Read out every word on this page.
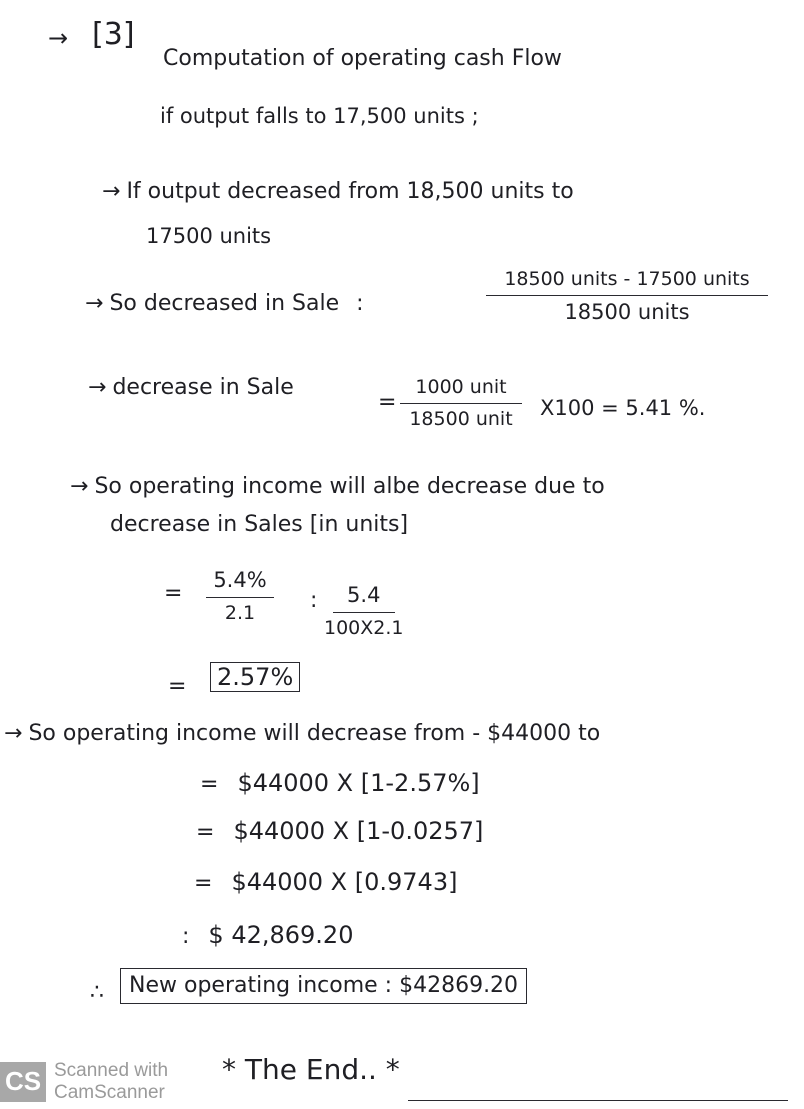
→ [3]
Computation of operating cash Flow
if output falls to 17,500 units ;
→ If output decreased from 18,500 units to
17500 units
→ So decreased in Sale :
18500 units - 17500 units
18500 units
→ decrease in Sale
=
1000 unit
18500 unit X100 = 5.41 %.
→ So operating income will albe decrease due to
decrease in Sales [in units]
=
5.4%
2.1 : 5.4
100X2.1
= 2.57%
→ So operating income will decrease from - $44000 to
= $44000 X [1-2.57%]
= $44000 X [1-0.0257]
= $44000 X [0.9743]
: $ 42,869.20
∴	New operating income : $42869.20
CS Scanned with
CamScanner
* The End.. *
